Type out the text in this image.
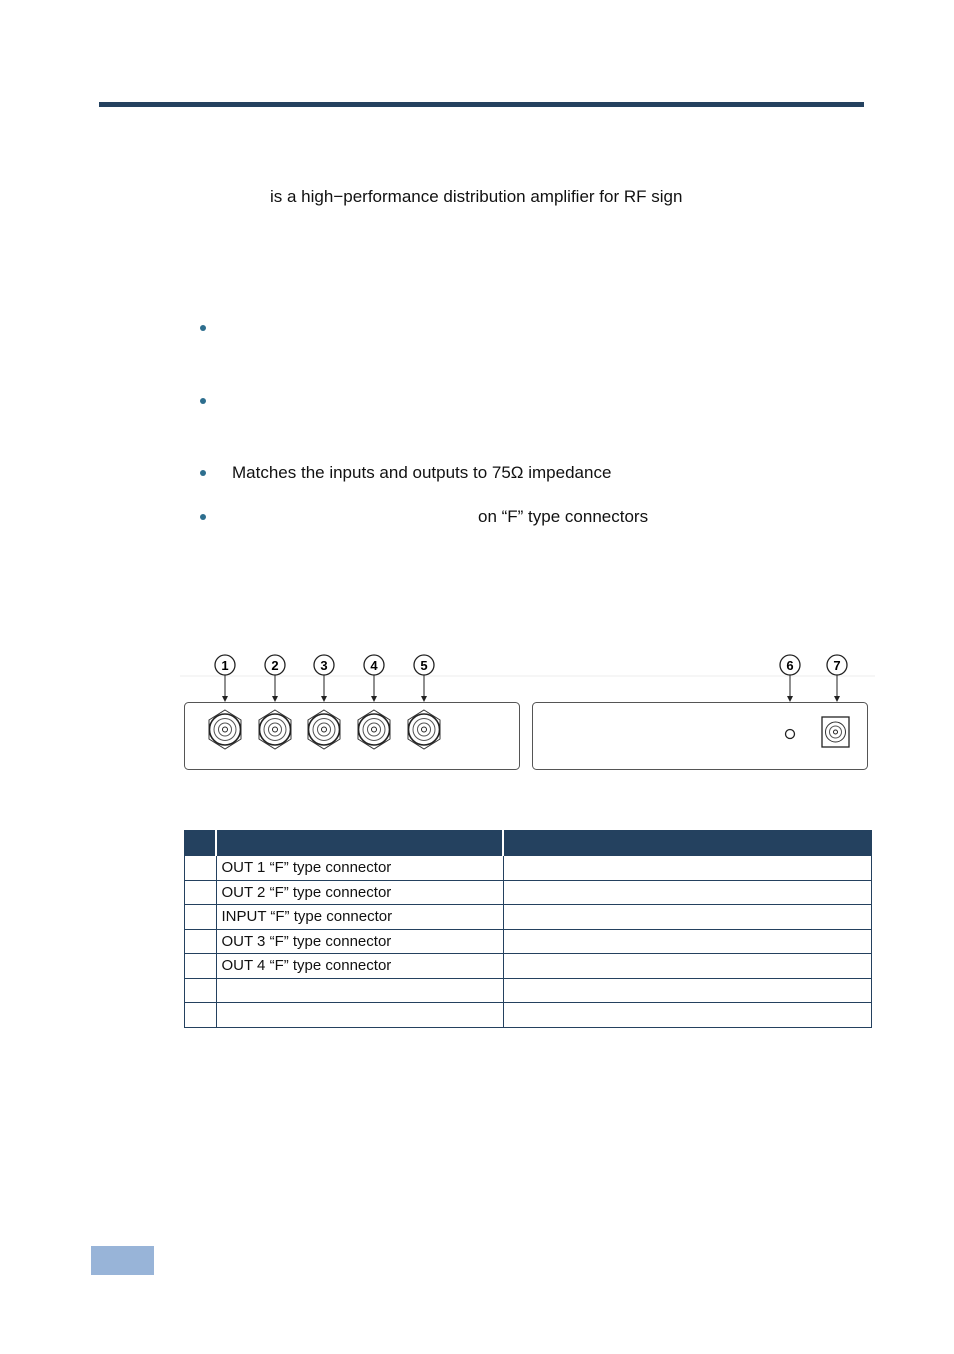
is a high−performance distribution amplifier for RF sign
Matches the inputs and outputs to 75Ω impedance
on “F” type connectors
1	2	3	4	5	6	7

	OUT 1 “F” type connector	
	OUT 2 “F” type connector	
	INPUT “F” type connector	
	OUT 3 “F” type connector	
	OUT 4 “F” type connector	
